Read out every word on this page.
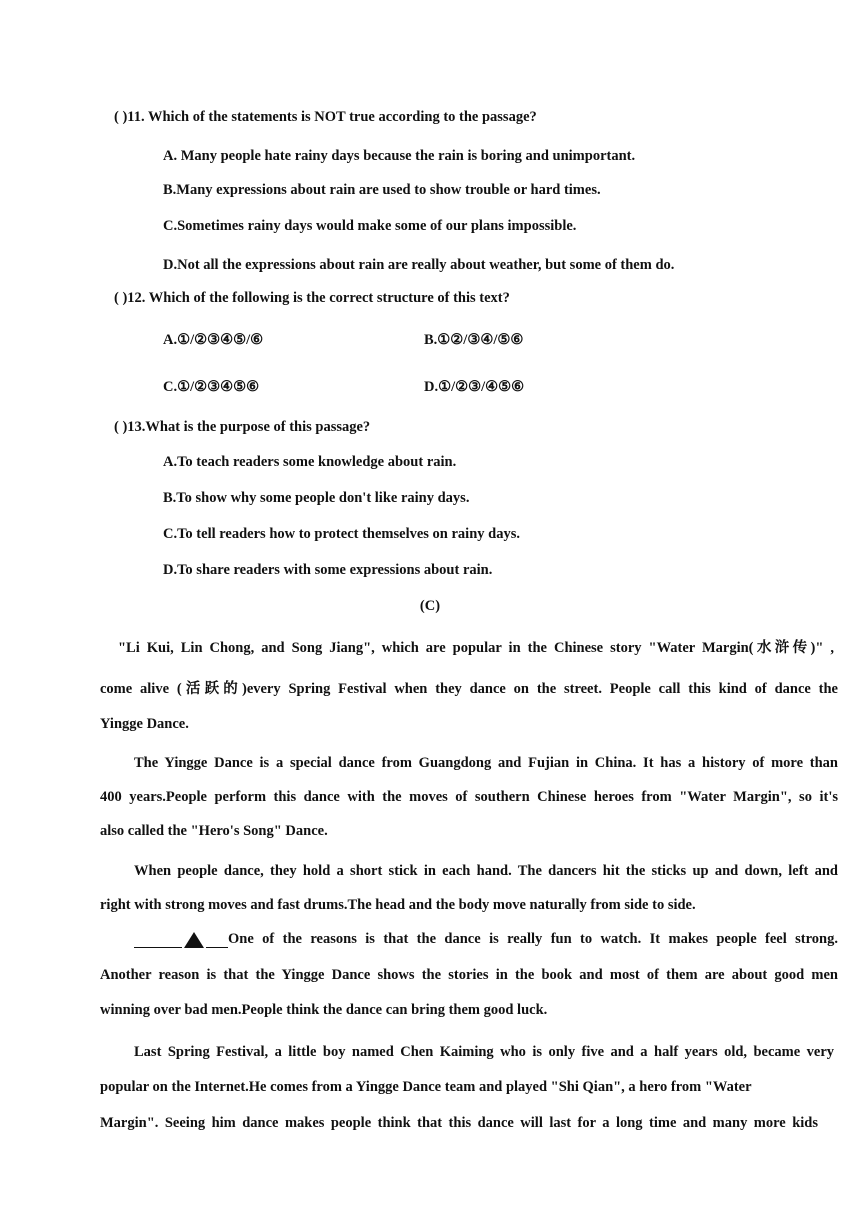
( )11. Which of the statements is NOT true according to the passage?
A. Many people hate rainy days because the rain is boring and unimportant.
B.Many expressions about rain are used to show trouble or hard times.
C.Sometimes rainy days would make some of our plans impossible.
D.Not all the expressions about rain are really about weather, but some of them do.
( )12. Which of the following is the correct structure of this text?
A.①/②③④⑤/⑥	B.①②/③④/⑤⑥
C.①/②③④⑤⑥	D.①/②③/④⑤⑥
( )13.What is the purpose of this passage?
A.To teach readers some knowledge about rain.
B.To show why some people don't like rainy days.
C.To tell readers how to protect themselves on rainy days.
D.To share readers with some expressions about rain.
(C)
"Li Kui, Lin Chong, and Song Jiang", which are popular in the Chinese story "Water Margin(水浒传)" ,
come alive (活跃的)every Spring Festival when they dance on the street. People call this kind of dance the
Yingge Dance.
The Yingge Dance is a special dance from Guangdong and Fujian in China. It has a history of more than
400 years.People perform this dance with the moves of southern Chinese heroes from "Water Margin", so it's
also called the "Hero's Song" Dance.
When people dance, they hold a short stick in each hand. The dancers hit the sticks up and down, left and
right with strong moves and fast drums.The head and the body move naturally from side to side.
One of the reasons is that the dance is really fun to watch. It makes people feel strong.
Another reason is that the Yingge Dance shows the stories in the book and most of them are about good men
winning over bad men.People think the dance can bring them good luck.
Last Spring Festival, a little boy named Chen Kaiming who is only five and a half years old, became very
popular on the Internet.He comes from a Yingge Dance team and played "Shi Qian", a hero from "Water
Margin". Seeing him dance makes people think that this dance will last for a long time and many more kids
